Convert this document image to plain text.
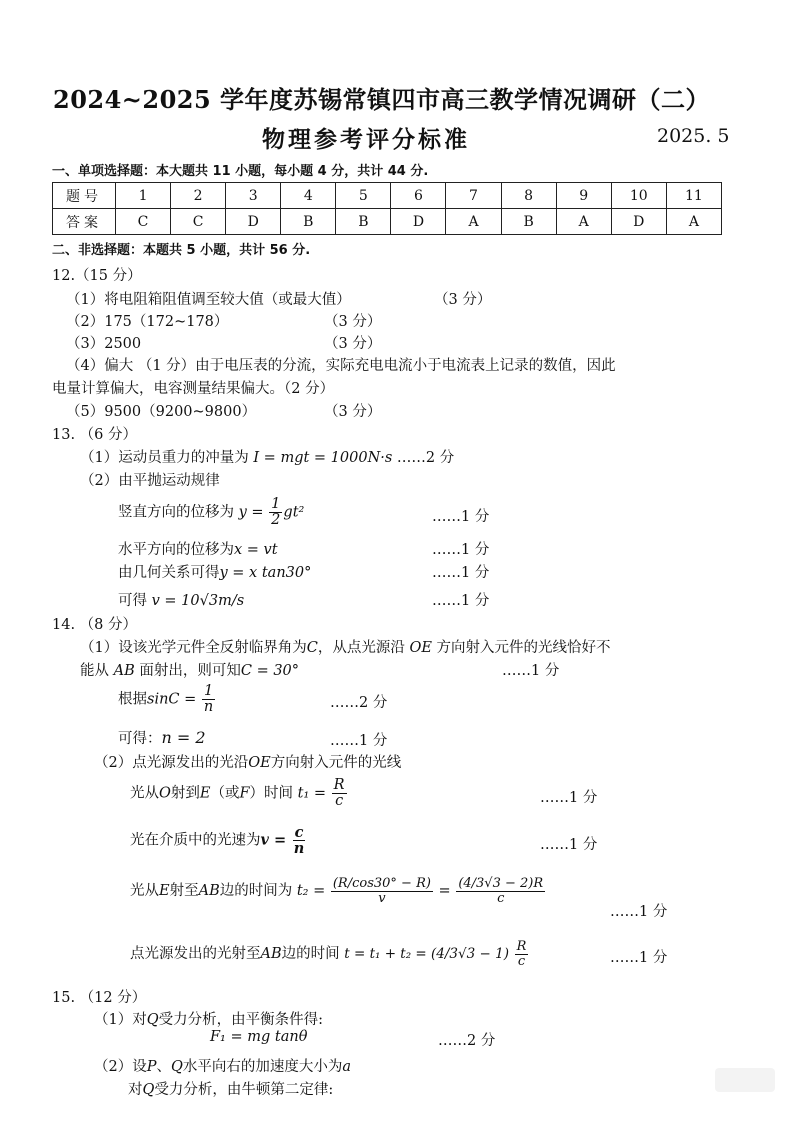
2024~2025 学年度苏锡常镇四市高三教学情况调研（二）
物理参考评分标准	2025. 5
一、单项选择题：本大题共 11 小题，每小题 4 分，共计 44 分.
题号	1	2	3	4	5	6	7	8	9	10	11
答案	C	C	D	B	B	D	A	B	A	D	A
二、非选择题：本题共 5 小题，共计 56 分.
12.（15 分）
（1）将电阻箱阻值调至较大值（或最大值）	（3 分）
（2）175（172~178）	（3 分）
（3）2500	（3 分）
（4）偏大 （1 分）由于电压表的分流，实际充电电流小于电流表上记录的数值，因此
电量计算偏大，电容测量结果偏大。（2 分）
（5）9500（9200~9800）	（3 分）
13. （6 分）
（1）运动员重力的冲量为 I = mgt = 1000N·s ……2 分
（2）由平抛运动规律
竖直方向的位移为 $y = \frac{1}{2} gt^2$	……1 分
水平方向的位移为x = vt	……1 分
由几何关系可得y = x tan30°	……1 分
可得 v = 10√3m/s	……1 分
14. （8 分）
（1）设该光学元件全反射临界角为C，从点光源沿 OE 方向射入元件的光线恰好不
能从 AB 面射出，则可知C = 30°	……1 分
根据$\sin C = \frac{1}{n}$	……2 分
可得：n = 2	……1 分
（2）点光源发出的光沿OE方向射入元件的光线
光从O射到E（或F）时间 $t_1 = \frac{R}{c}$	……1 分
光在介质中的光速为$v = \frac{c}{n}$	……1 分
光从E射至AB边的时间为 $t_2 = \frac{(R/\cos 30^\circ - R)}{v} = \frac{(4/3√3 - 2)R}{c}$
……1 分
点光源发出的光射至AB边的时间 $t = t_1 + t_2 = (4/3√3 - 1) \frac{R}{c}$	……1 分
15. （12 分）
（1）对Q受力分析，由平衡条件得:
F₁ = mg tanθ	……2 分
（2）设P、Q水平向右的加速度大小为a
对Q受力分析，由牛顿第二定律:
